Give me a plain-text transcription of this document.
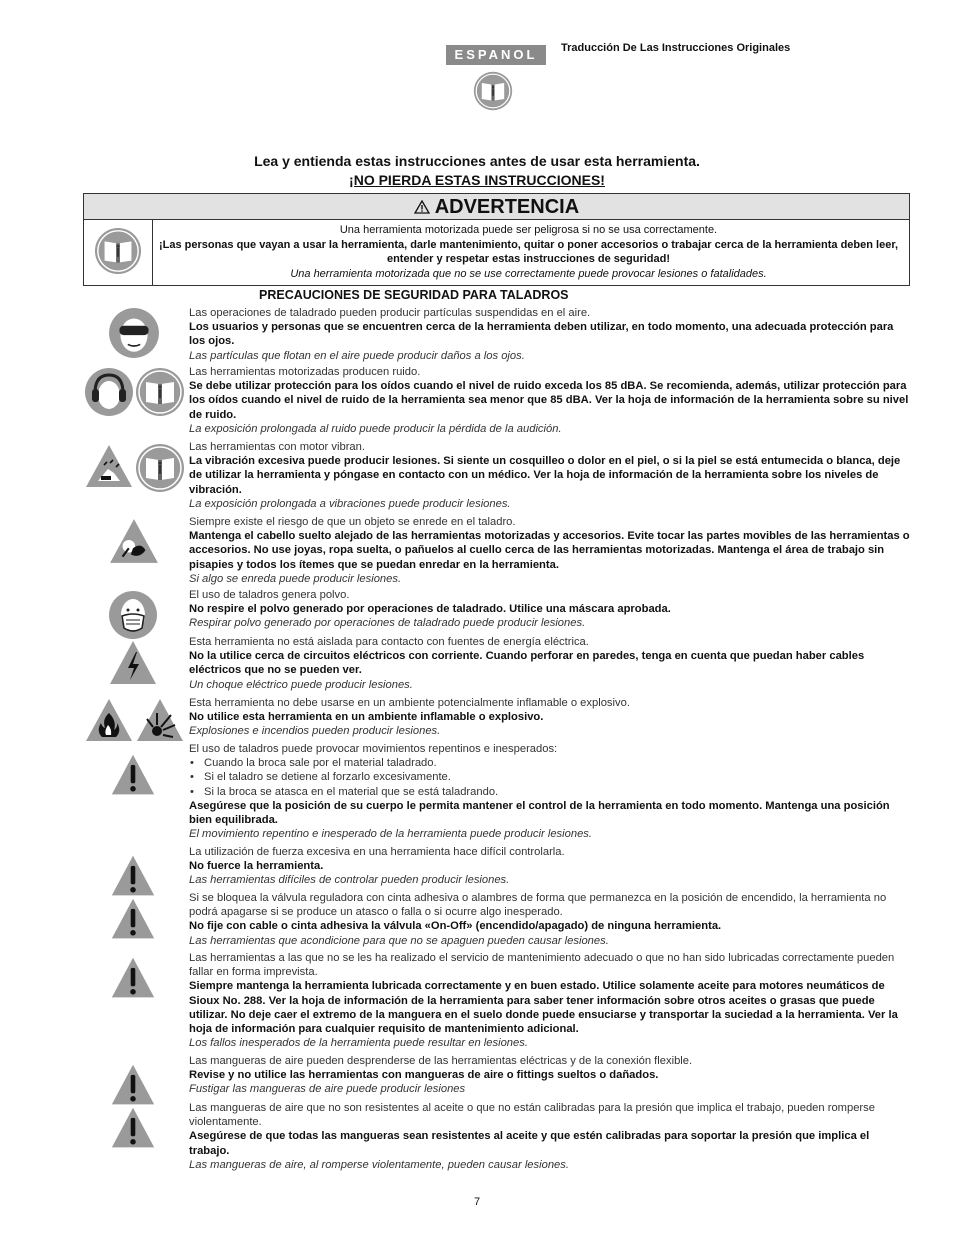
ESPANOL	Traducción De Las Instrucciones Originales
Lea y entienda estas instrucciones antes de usar esta herramienta.
¡NO PIERDA ESTAS INSTRUCCIONES!
ADVERTENCIA
Una herramienta motorizada puede ser peligrosa si no se usa correctamente.
¡Las personas que vayan a usar la herramienta, darle mantenimiento, quitar o poner accesorios o trabajar cerca de la herramienta deben leer, entender y respetar estas instrucciones de seguridad!
Una herramienta motorizada que no se use correctamente puede provocar lesiones o fatalidades.
PRECAUCIONES DE SEGURIDAD PARA TALADROS
Las operaciones de taladrado pueden producir partículas suspendidas en el aire.
Los usuarios y personas que se encuentren cerca de la herramienta deben utilizar, en todo momento, una adecuada protección para los ojos.
Las partículas que flotan en el aire puede producir daños a los ojos.
Las herramientas motorizadas producen ruido.
Se debe utilizar protección para los oídos cuando el nivel de ruido exceda los 85 dBA. Se recomienda, además, utilizar protección para los oídos cuando el nivel de ruido de la herramienta sea menor que 85 dBA. Ver la hoja de información de la herramienta sobre su nivel de ruido.
La exposición prolongada al ruido puede producir la pérdida de la audición.
Las herramientas con motor vibran.
La vibración excesiva puede producir lesiones. Si siente un cosquilleo o dolor en el piel, o si la piel se está entumecida o blanca, deje de utilizar la herramienta y póngase en contacto con un médico. Ver la hoja de información de la herramienta sobre los niveles de vibración.
La exposición prolongada a vibraciones puede producir lesiones.
Siempre existe el riesgo de que un objeto se enrede en el taladro.
Mantenga el cabello suelto alejado de las herramientas motorizadas y accesorios. Evite tocar las partes movibles de las herramientas o accesorios. No use joyas, ropa suelta, o pañuelos al cuello cerca de las herramientas motorizadas. Mantenga el área de trabajo sin pisapies y todos los ítemes que se puedan enredar en la herramienta.
Si algo se enreda puede producir lesiones.
El uso de taladros genera polvo.
No respire el polvo generado por operaciones de taladrado. Utilice una máscara aprobada.
Respirar polvo generado por operaciones de taladrado puede producir lesiones.
Esta herramienta no está aislada para contacto con fuentes de energía eléctrica.
No la utilice cerca de circuitos eléctricos con corriente. Cuando perforar en paredes, tenga en cuenta que puedan haber cables eléctricos que no se pueden ver.
Un choque eléctrico puede producir lesiones.
Esta herramienta no debe usarse en un ambiente potencialmente inflamable o explosivo.
No utilice esta herramienta en un ambiente inflamable o explosivo.
Explosiones e incendios pueden producir lesiones.
El uso de taladros puede provocar movimientos repentinos e inesperados:
• Cuando la broca sale por el material taladrado.
• Si el taladro se detiene al forzarlo excesivamente.
• Si la broca se atasca en el material que se está taladrando.
Asegúrese que la posición de su cuerpo le permita mantener el control de la herramienta en todo momento. Mantenga una posición bien equilibrada.
El movimiento repentino e inesperado de la herramienta puede producir lesiones.
La utilización de fuerza excesiva en una herramienta hace difícil controlarla.
No fuerce la herramienta.
Las herramientas difíciles de controlar pueden producir lesiones.
Si se bloquea la válvula reguladora con cinta adhesiva o alambres de forma que permanezca en la posición de encendido, la herramienta no podrá apagarse si se produce un atasco o falla o si ocurre algo inesperado.
No fije con cable o cinta adhesiva la válvula «On-Off» (encendido/apagado) de ninguna herramienta.
Las herramientas que acondicione para que no se apaguen pueden causar lesiones.
Las herramientas a las que no se les ha realizado el servicio de mantenimiento adecuado o que no han sido lubricadas correctamente pueden fallar en forma imprevista.
Siempre mantenga la herramienta lubricada correctamente y en buen estado. Utilice solamente aceite para motores neumáticos de Sioux No. 288. Ver la hoja de información de la herramienta para saber tener información sobre otros aceites o grasas que puede utilizar. No deje caer el extremo de la manguera en el suelo donde puede ensuciarse y transportar la suciedad a la herramienta. Ver la hoja de información para cualquier requisito de mantenimiento adicional.
Los fallos inesperados de la herramienta puede resultar en lesiones.
Las mangueras de aire pueden desprenderse de las herramientas eléctricas y de la conexión flexible.
Revise y no utilice las herramientas con mangueras de aire o fittings sueltos o dañados.
Fustigar las mangueras de aire puede producir lesiones
Las mangueras de aire que no son resistentes al aceite o que no están calibradas para la presión que implica el trabajo, pueden romperse violentamente.
Asegúrese de que todas las mangueras sean resistentes al aceite y que estén calibradas para soportar la presión que implica el trabajo.
Las mangueras de aire, al romperse violentamente, pueden causar lesiones.
7
